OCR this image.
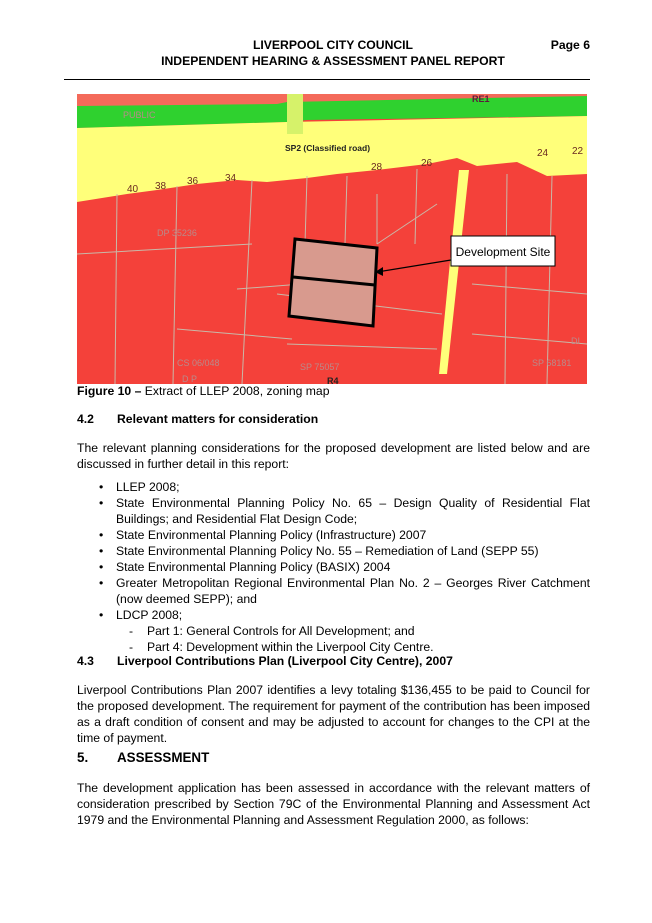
LIVERPOOL CITY COUNCIL
INDEPENDENT HEARING & ASSESSMENT PANEL REPORT
Page 6
Development Site
PUBLIC
RE1
SP2 (Classified road)
DP 35236
CS 06/048
D P
SP 75057
R4
SP 68181
DI
40 38 36	34
28	26
24 22
Figure 10 – Extract of LLEP 2008, zoning map
4.2 Relevant matters for consideration
The relevant planning considerations for the proposed development are listed below and are discussed in further detail in this report:
• LLEP 2008;
• State Environmental Planning Policy No. 65 – Design Quality of Residential Flat Buildings; and Residential Flat Design Code;
• State Environmental Planning Policy (Infrastructure) 2007
• State Environmental Planning Policy No. 55 – Remediation of Land (SEPP 55)
• State Environmental Planning Policy (BASIX) 2004
• Greater Metropolitan Regional Environmental Plan No. 2 – Georges River Catchment (now deemed SEPP); and
• LDCP 2008;
- Part 1: General Controls for All Development; and
- Part 4: Development within the Liverpool City Centre.
4.3 Liverpool Contributions Plan (Liverpool City Centre), 2007
Liverpool Contributions Plan 2007 identifies a levy totaling $136,455 to be paid to Council for the proposed development. The requirement for payment of the contribution has been imposed as a draft condition of consent and may be adjusted to account for changes to the CPI at the time of payment.
5. ASSESSMENT
The development application has been assessed in accordance with the relevant matters of consideration prescribed by Section 79C of the Environmental Planning and Assessment Act 1979 and the Environmental Planning and Assessment Regulation 2000, as follows:
